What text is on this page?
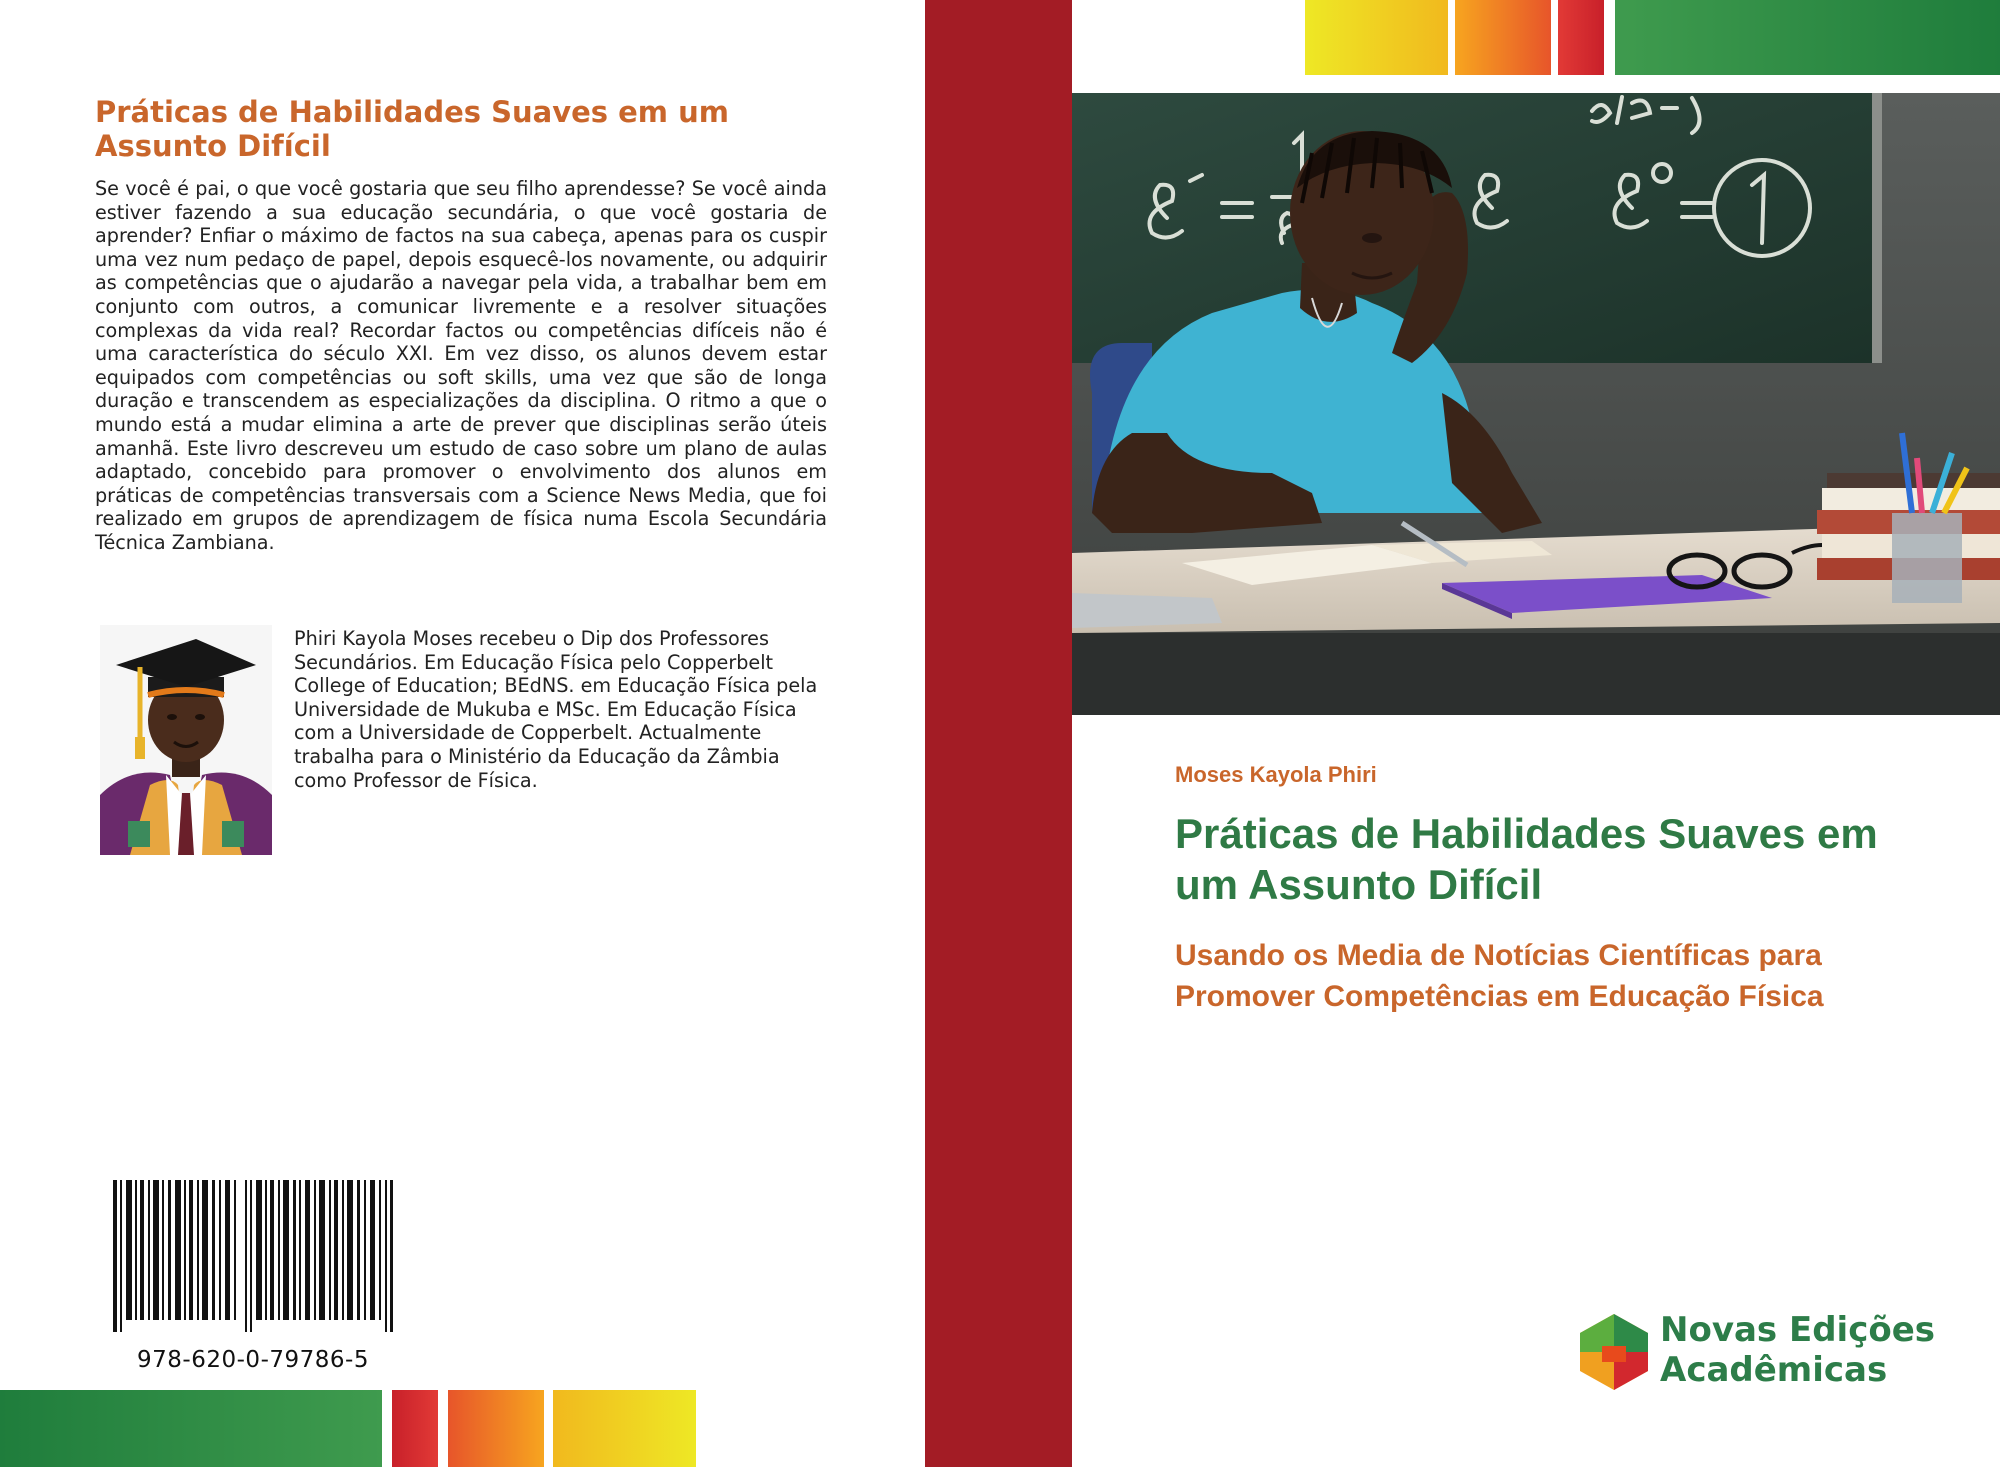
Práticas de Habilidades Suaves em um Assunto Difícil

Se você é pai, o que você gostaria que seu filho aprendesse? Se você ainda estiver fazendo a sua educação secundária, o que você gostaria de aprender? Enfiar o máximo de factos na sua cabeça, apenas para os cuspir uma vez num pedaço de papel, depois esquecê-los novamente, ou adquirir as competências que o ajudarão a navegar pela vida, a trabalhar bem em conjunto com outros, a comunicar livremente e a resolver situações complexas da vida real? Recordar factos ou competências difíceis não é uma característica do século XXI. Em vez disso, os alunos devem estar equipados com competências ou soft skills, uma vez que são de longa duração e transcendem as especializações da disciplina. O ritmo a que o mundo está a mudar elimina a arte de prever que disciplinas serão úteis amanhã. Este livro descreveu um estudo de caso sobre um plano de aulas adaptado, concebido para promover o envolvimento dos alunos em práticas de competências transversais com a Science News Media, que foi realizado em grupos de aprendizagem de física numa Escola Secundária Técnica Zambiana.

Phiri Kayola Moses recebeu o Dip dos Professores Secundários. Em Educação Física pelo Copperbelt College of Education; BEdNS. em Educação Física pela Universidade de Mukuba e MSc. Em Educação Física com a Universidade de Copperbelt. Actualmente trabalha para o Ministério da Educação da Zâmbia como Professor de Física.

978-620-0-79786-5

Moses Kayola Phiri

Práticas de Habilidades Suaves em um Assunto Difícil
Usando os Media de Notícias Científicas para Promover Competências em Educação Física

Novas Edições
Acadêmicas
